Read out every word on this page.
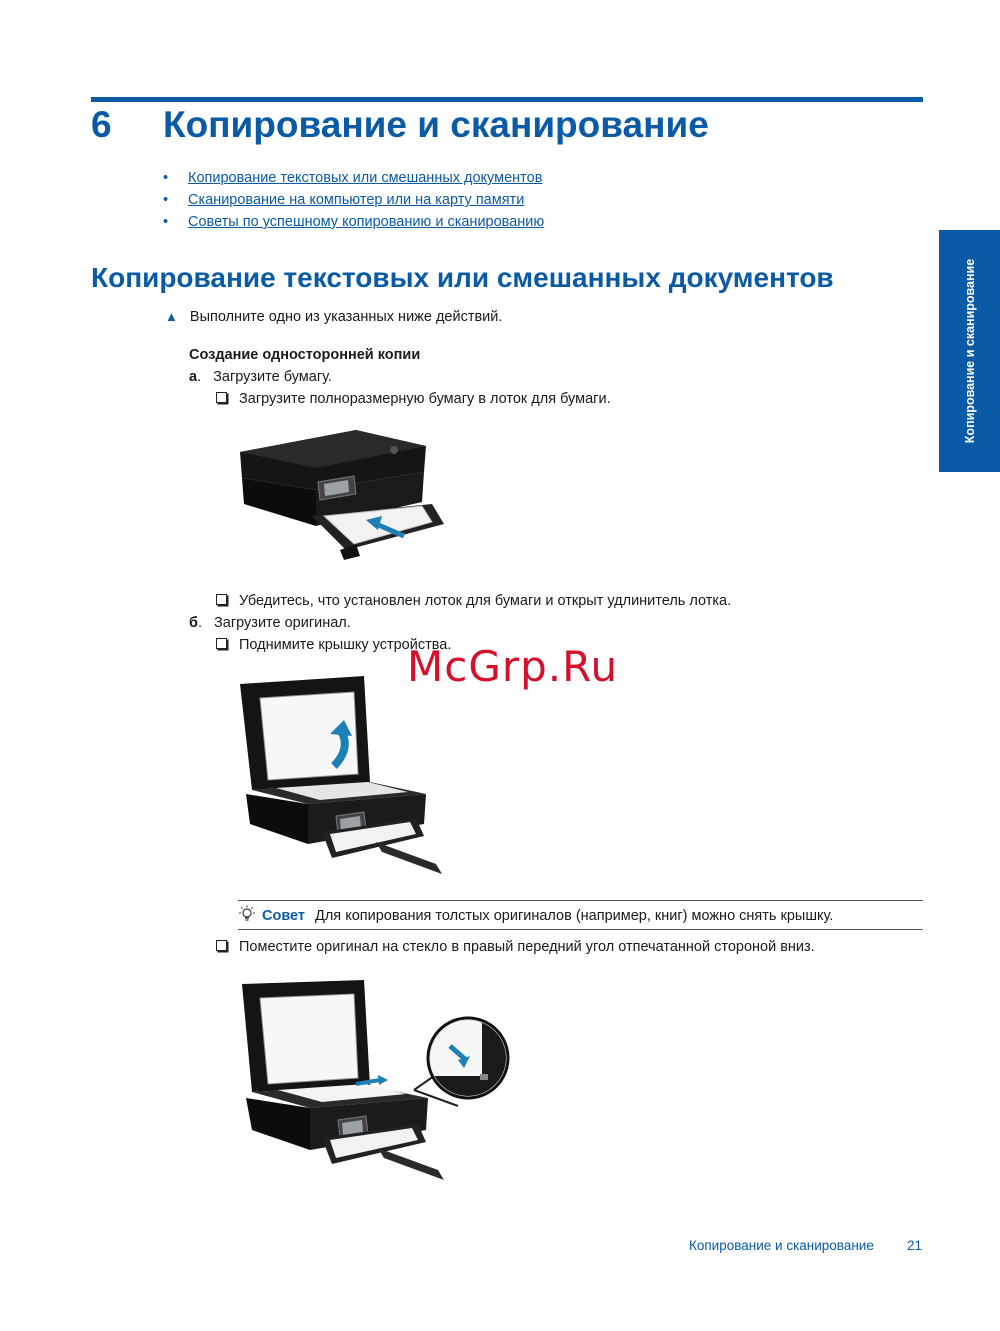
6 Копирование и сканирование
• Копирование текстовых или смешанных документов
• Сканирование на компьютер или на карту памяти
• Советы по успешному копированию и сканированию
Копирование и сканирование
Копирование текстовых или смешанных документов
▲ Выполните одно из указанных ниже действий.
Создание односторонней копии
а. Загрузите бумагу.
Загрузите полноразмерную бумагу в лоток для бумаги.
Убедитесь, что установлен лоток для бумаги и открыт удлинитель лотка.
б. Загрузите оригинал.
Поднимите крышку устройства.
McGrp.Ru
Совет Для копирования толстых оригиналов (например, книг) можно снять крышку.
Поместите оригинал на стекло в правый передний угол отпечатанной стороной вниз.
Копирование и сканирование 21
